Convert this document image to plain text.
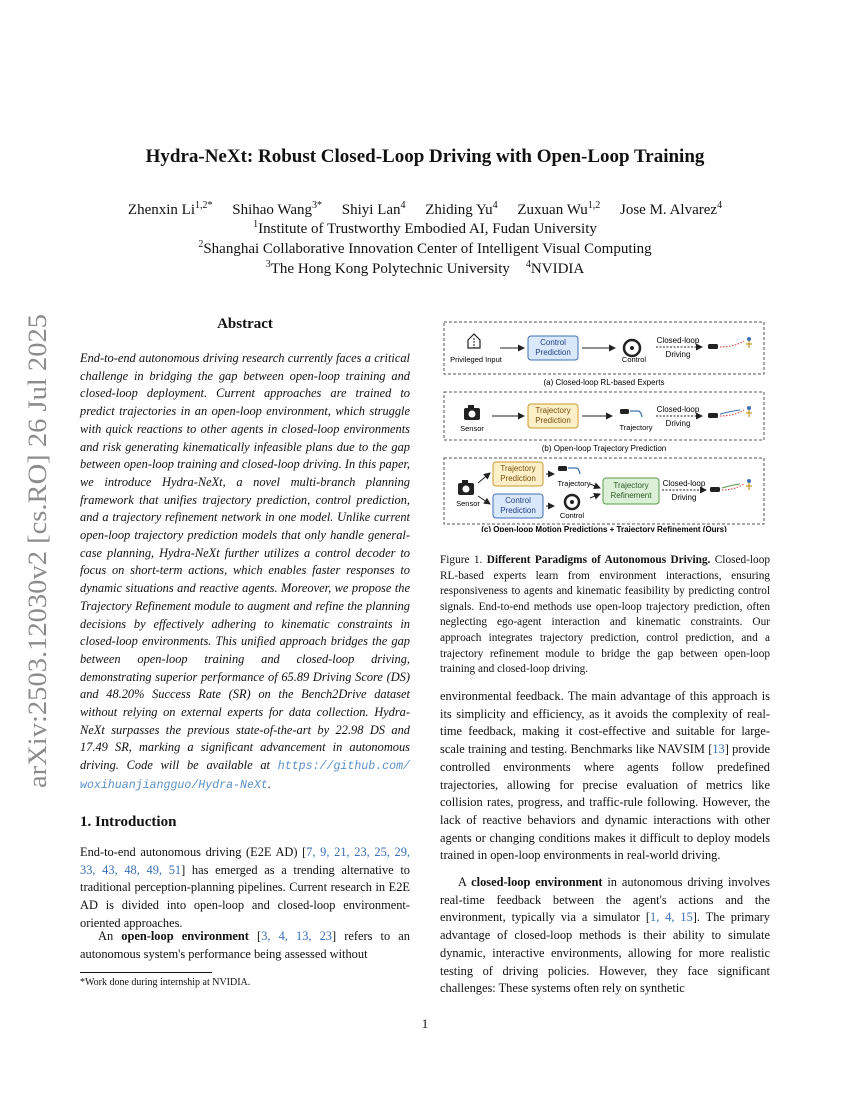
Hydra-NeXt: Robust Closed-Loop Driving with Open-Loop Training
Zhenxin $Li^{1,2*}$ Shihao Wang$^{3*}$ Shiyi Lan$^4$ Zhiding Yu$^4$ Zuxuan Wu$^{1,2}$ Jose M. Alvarez$^4$
$^1$Institute of Trustworthy Embodied AI, Fudan University
$^2$Shanghai Collaborative Innovation Center of Intelligent Visual Computing
$^3$The Hong Kong Polytechnic University $^4$NVIDIA
arXiv:2503.12030v2 [cs.RO] 26 Jul 2025
Abstract
End-to-end autonomous driving research currently faces a critical challenge in bridging the gap between open-loop training and closed-loop deployment. Current approaches are trained to predict trajectories in an open-loop environment, which struggle with quick reactions to other agents in closed-loop environments and risk generating kinematically infeasible plans due to the gap between open-loop training and closed-loop driving. In this paper, we introduce Hydra-NeXt, a novel multi-branch planning framework that unifies trajectory prediction, control prediction, and a trajectory refinement network in one model. Unlike current open-loop trajectory prediction models that only handle general-case planning, Hydra-NeXt further utilizes a control decoder to focus on short-term actions, which enables faster responses to dynamic situations and reactive agents. Moreover, we propose the Trajectory Refinement module to augment and refine the planning decisions by effectively adhering to kinematic constraints in closed-loop environments. This unified approach bridges the gap between open-loop training and closed-loop driving, demonstrating superior performance of 65.89 Driving Score (DS) and 48.20% Success Rate (SR) on the Bench2Drive dataset without relying on external experts for data collection. Hydra-NeXt surpasses the previous state-of-the-art by 22.98 DS and 17.49 SR, marking a significant advancement in autonomous driving. Code will be available at https://github.com/ woxihuanjiangguo/Hydra-NeXt.
1. Introduction
End-to-end autonomous driving (E2E AD) [7, 9, 21, 23, 25, 29, 33, 43, 48, 49, 51] has emerged as a trending alternative to traditional perception-planning pipelines. Current research in E2E AD is divided into open-loop and closed-loop environment-oriented approaches.
An open-loop environment [3, 4, 13, 23] refers to an autonomous system's performance being assessed without
*Work done during internship at NVIDIA.
1
Privileged Input
Control
Prediction
Control
Closed-loop
Driving
(a) Closed-loop RL-based Experts
Sensor
Trajectory
Prediction
Trajectory
Closed-loop
Driving
(b) Open-loop Trajectory Prediction
Sensor
Trajectory
Prediction
Control
Prediction
Trajectory
Control
Trajectory
Refinement
Closed-loop
Driving
(c) Open-loop Motion Predictions + Trajectory Refinement (Ours)
Figure 1. Different Paradigms of Autonomous Driving. Closed-loop RL-based experts learn from environment interactions, ensuring responsiveness to agents and kinematic feasibility by predicting control signals. End-to-end methods use open-loop trajectory prediction, often neglecting ego-agent interaction and kinematic constraints. Our approach integrates trajectory prediction, control prediction, and a trajectory refinement module to bridge the gap between open-loop training and closed-loop driving.
environmental feedback. The main advantage of this approach is its simplicity and efficiency, as it avoids the complexity of real-time feedback, making it cost-effective and suitable for large-scale training and testing. Benchmarks like NAVSIM [13] provide controlled environments where agents follow predefined trajectories, allowing for precise evaluation of metrics like collision rates, progress, and traffic-rule following. However, the lack of reactive behaviors and dynamic interactions with other agents or changing conditions makes it difficult to deploy models trained in open-loop environments in real-world driving.
A closed-loop environment in autonomous driving involves real-time feedback between the agent's actions and the environment, typically via a simulator [1, 4, 15]. The primary advantage of closed-loop methods is their ability to simulate dynamic, interactive environments, allowing for more realistic testing of driving policies. However, they face significant challenges: These systems often rely on synthetic
